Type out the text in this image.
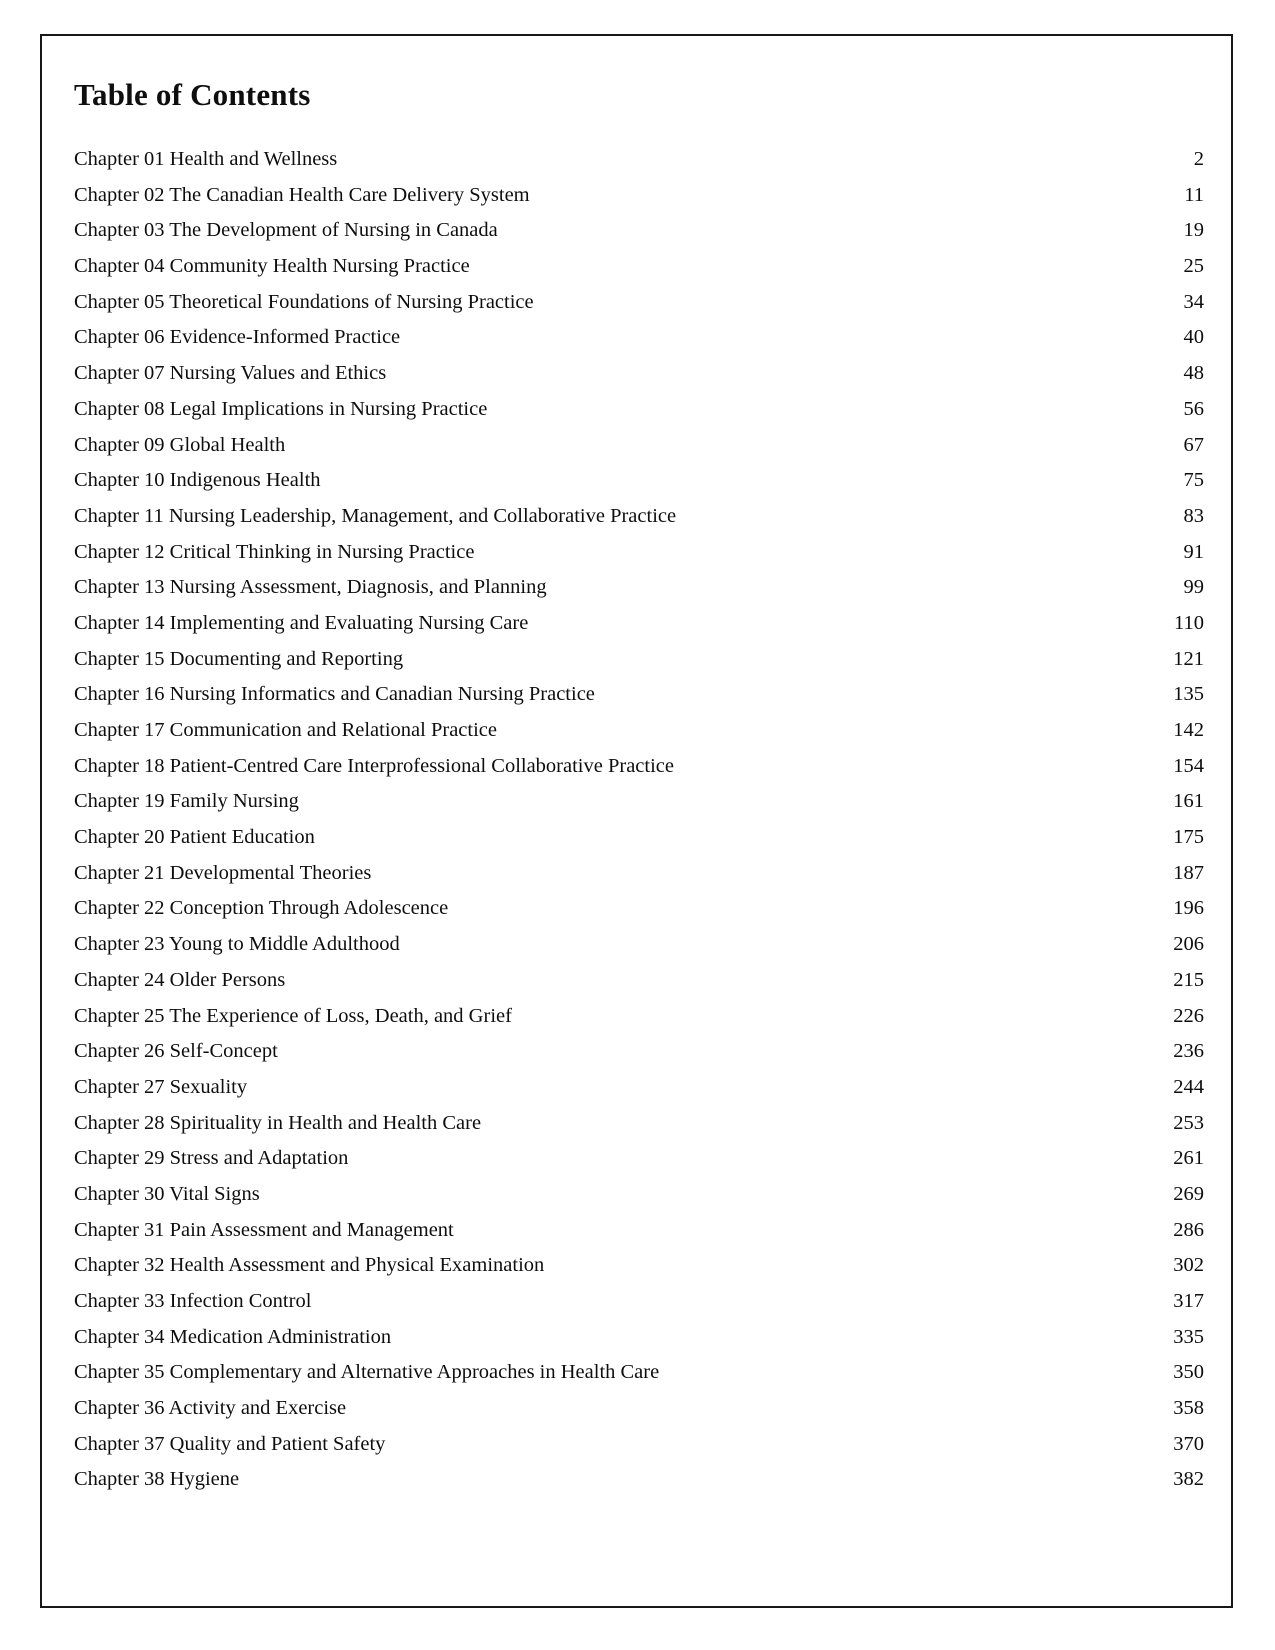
Table of Contents
Chapter 01 Health and Wellness	2
Chapter 02 The Canadian Health Care Delivery System	11
Chapter 03 The Development of Nursing in Canada	19
Chapter 04 Community Health Nursing Practice	25
Chapter 05 Theoretical Foundations of Nursing Practice	34
Chapter 06 Evidence-Informed Practice	40
Chapter 07 Nursing Values and Ethics	48
Chapter 08 Legal Implications in Nursing Practice	56
Chapter 09 Global Health	67
Chapter 10 Indigenous Health	75
Chapter 11 Nursing Leadership, Management, and Collaborative Practice	83
Chapter 12 Critical Thinking in Nursing Practice	91
Chapter 13 Nursing Assessment, Diagnosis, and Planning	99
Chapter 14 Implementing and Evaluating Nursing Care	110
Chapter 15 Documenting and Reporting	121
Chapter 16 Nursing Informatics and Canadian Nursing Practice	135
Chapter 17 Communication and Relational Practice	142
Chapter 18 Patient-Centred Care Interprofessional Collaborative Practice	154
Chapter 19 Family Nursing	161
Chapter 20 Patient Education	175
Chapter 21 Developmental Theories	187
Chapter 22 Conception Through Adolescence	196
Chapter 23 Young to Middle Adulthood	206
Chapter 24 Older Persons	215
Chapter 25 The Experience of Loss, Death, and Grief	226
Chapter 26 Self-Concept	236
Chapter 27 Sexuality	244
Chapter 28 Spirituality in Health and Health Care	253
Chapter 29 Stress and Adaptation	261
Chapter 30 Vital Signs	269
Chapter 31 Pain Assessment and Management	286
Chapter 32 Health Assessment and Physical Examination	302
Chapter 33 Infection Control	317
Chapter 34 Medication Administration	335
Chapter 35 Complementary and Alternative Approaches in Health Care	350
Chapter 36 Activity and Exercise	358
Chapter 37 Quality and Patient Safety	370
Chapter 38 Hygiene	382
